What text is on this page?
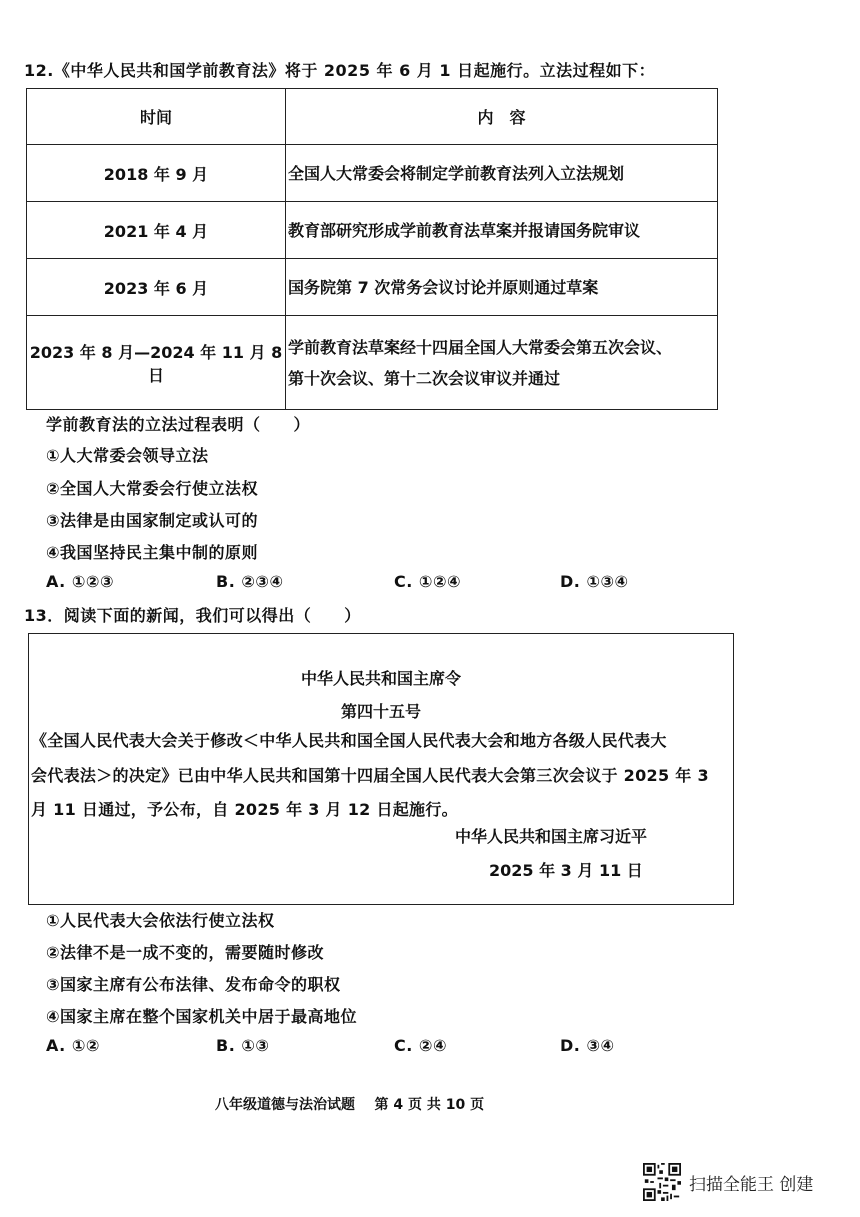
12.《中华人民共和国学前教育法》将于 2025 年 6 月 1 日起施行。立法过程如下：
时间	内　容
2018 年 9 月	全国人大常委会将制定学前教育法列入立法规划
2021 年 4 月	教育部研究形成学前教育法草案并报请国务院审议
2023 年 6 月	国务院第 7 次常务会议讨论并原则通过草案
2023 年 8 月—2024 年 11 月 8 日	学前教育法草案经十四届全国人大常委会第五次会议、
第十次会议、第十二次会议审议并通过
学前教育法的立法过程表明（　　）
①人大常委会领导立法
②全国人大常委会行使立法权
③法律是由国家制定或认可的
④我国坚持民主集中制的原则
A. ①②③	B. ②③④	C. ①②④	D. ①③④
13．阅读下面的新闻，我们可以得出（　　）
中华人民共和国主席令
第四十五号
《全国人民代表大会关于修改＜中华人民共和国全国人民代表大会和地方各级人民代表大
会代表法＞的决定》已由中华人民共和国第十四届全国人民代表大会第三次会议于 2025 年 3
月 11 日通过，予公布，自 2025 年 3 月 12 日起施行。
中华人民共和国主席习近平
2025 年 3 月 11 日
①人民代表大会依法行使立法权
②法律不是一成不变的，需要随时修改
③国家主席有公布法律、发布命令的职权
④国家主席在整个国家机关中居于最高地位
A. ①②	B. ①③	C. ②④	D. ③④
八年级道德与法治试题 第 4 页 共 10 页
扫描全能王 创建
